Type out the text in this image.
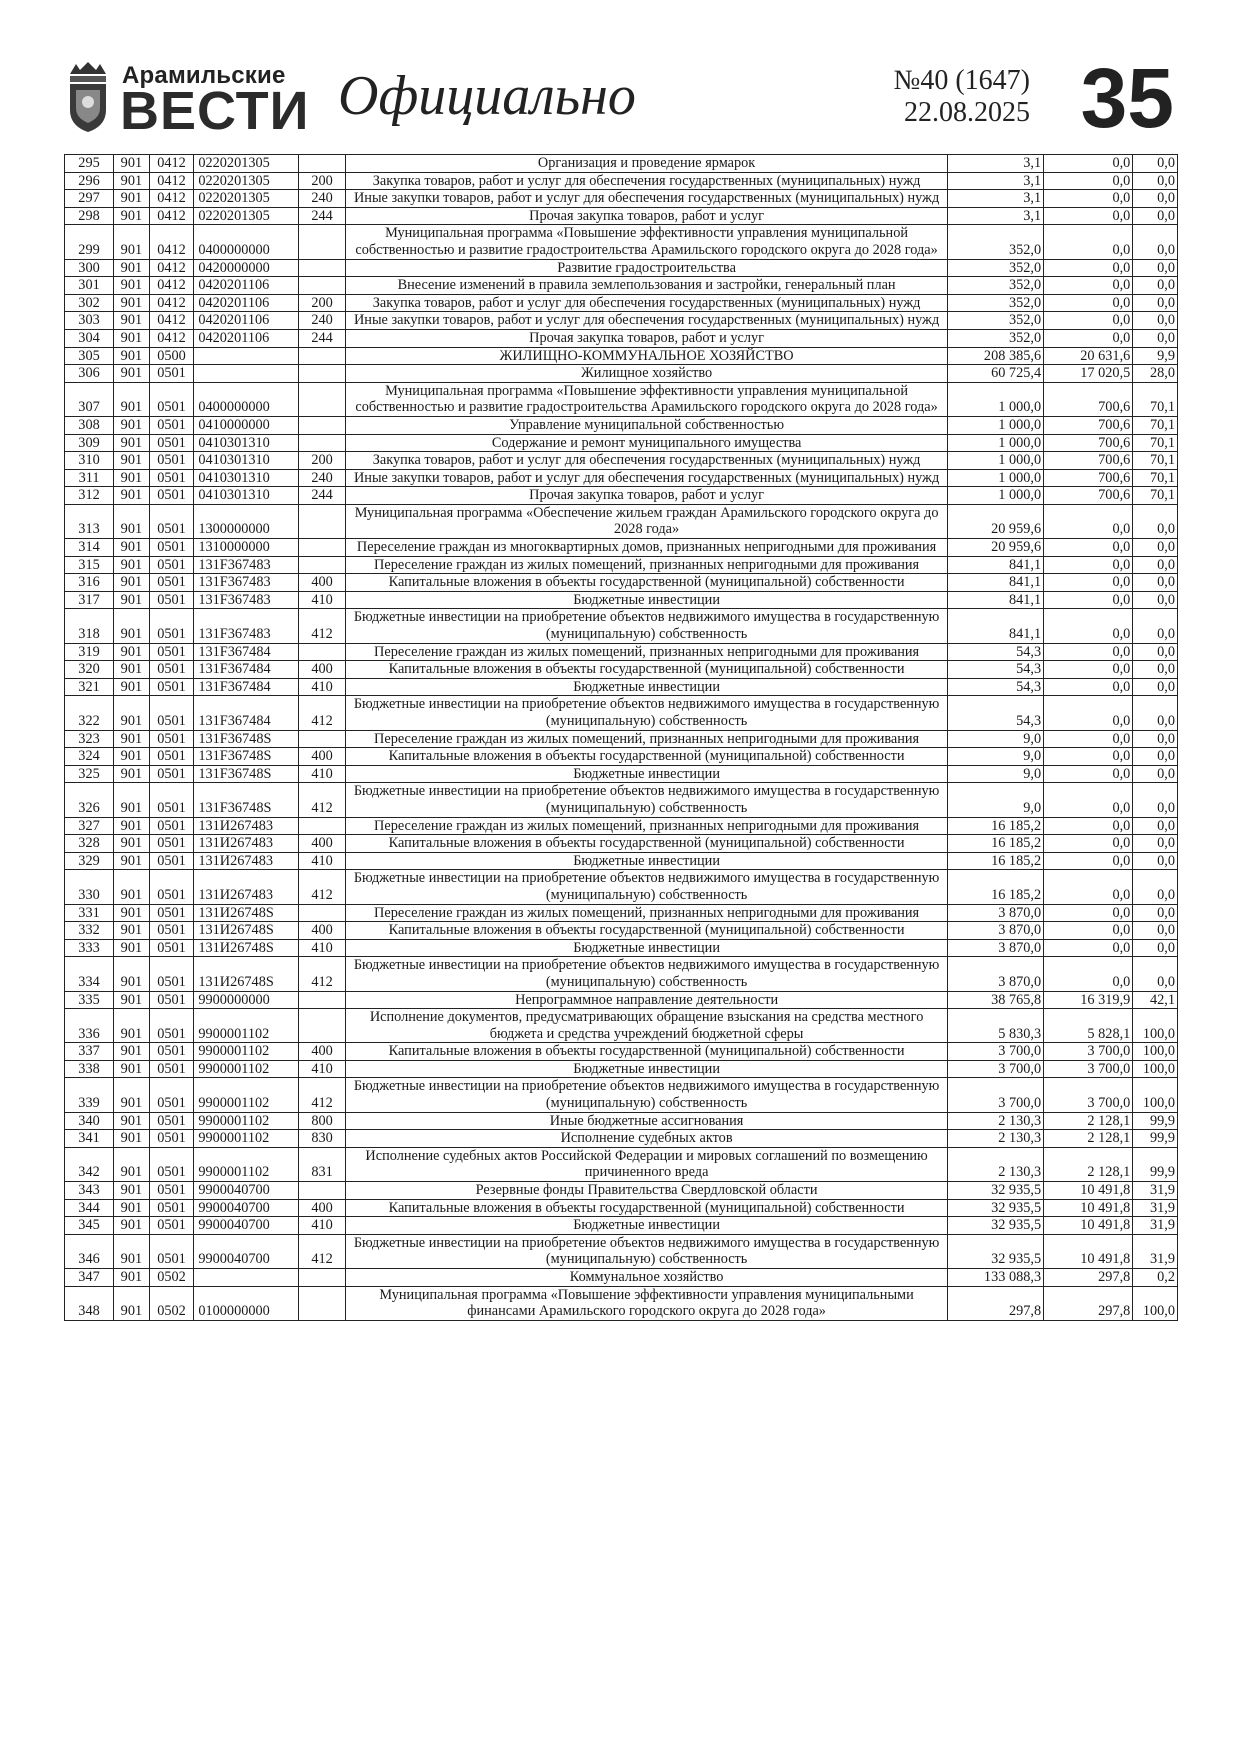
Арамильские
ВЕСТИ Официально	№40 (1647)
22.08.2025 35
295	901	0412	0220201305		Организация и проведение ярмарок	3,1	0,0	0,0
296	901	0412	0220201305	200	Закупка товаров, работ и услуг для обеспечения государственных (муниципальных) нужд	3,1	0,0	0,0
297	901	0412	0220201305	240	Иные закупки товаров, работ и услуг для обеспечения государственных (муниципальных) нужд	3,1	0,0	0,0
298	901	0412	0220201305	244	Прочая закупка товаров, работ и услуг	3,1	0,0	0,0
299	901	0412	0400000000		Муниципальная программа «Повышение эффективности управления муниципальной собственностью и развитие градостроительства Арамильского городского округа до 2028 года»	352,0	0,0	0,0
300	901	0412	0420000000		Развитие градостроительства	352,0	0,0	0,0
301	901	0412	0420201106		Внесение изменений в правила землепользования и застройки, генеральный план	352,0	0,0	0,0
302	901	0412	0420201106	200	Закупка товаров, работ и услуг для обеспечения государственных (муниципальных) нужд	352,0	0,0	0,0
303	901	0412	0420201106	240	Иные закупки товаров, работ и услуг для обеспечения государственных (муниципальных) нужд	352,0	0,0	0,0
304	901	0412	0420201106	244	Прочая закупка товаров, работ и услуг	352,0	0,0	0,0
305	901	0500			ЖИЛИЩНО-КОММУНАЛЬНОЕ ХОЗЯЙСТВО	208 385,6	20 631,6	9,9
306	901	0501			Жилищное хозяйство	60 725,4	17 020,5	28,0
307	901	0501	0400000000		Муниципальная программа «Повышение эффективности управления муниципальной собственностью и развитие градостроительства Арамильского городского округа до 2028 года»	1 000,0	700,6	70,1
308	901	0501	0410000000		Управление муниципальной собственностью	1 000,0	700,6	70,1
309	901	0501	0410301310		Содержание и ремонт муниципального имущества	1 000,0	700,6	70,1
310	901	0501	0410301310	200	Закупка товаров, работ и услуг для обеспечения государственных (муниципальных) нужд	1 000,0	700,6	70,1
311	901	0501	0410301310	240	Иные закупки товаров, работ и услуг для обеспечения государственных (муниципальных) нужд	1 000,0	700,6	70,1
312	901	0501	0410301310	244	Прочая закупка товаров, работ и услуг	1 000,0	700,6	70,1
313	901	0501	1300000000		Муниципальная программа «Обеспечение жильем граждан Арамильского городского округа до 2028 года»	20 959,6	0,0	0,0
314	901	0501	1310000000		Переселение граждан из многоквартирных домов, признанных непригодными для проживания	20 959,6	0,0	0,0
315	901	0501	131F367483		Переселение граждан из жилых помещений, признанных непригодными для проживания	841,1	0,0	0,0
316	901	0501	131F367483	400	Капитальные вложения в объекты государственной (муниципальной) собственности	841,1	0,0	0,0
317	901	0501	131F367483	410	Бюджетные инвестиции	841,1	0,0	0,0
318	901	0501	131F367483	412	Бюджетные инвестиции на приобретение объектов недвижимого имущества в государственную (муниципальную) собственность	841,1	0,0	0,0
319	901	0501	131F367484		Переселение граждан из жилых помещений, признанных непригодными для проживания	54,3	0,0	0,0
320	901	0501	131F367484	400	Капитальные вложения в объекты государственной (муниципальной) собственности	54,3	0,0	0,0
321	901	0501	131F367484	410	Бюджетные инвестиции	54,3	0,0	0,0
322	901	0501	131F367484	412	Бюджетные инвестиции на приобретение объектов недвижимого имущества в государственную (муниципальную) собственность	54,3	0,0	0,0
323	901	0501	131F36748S		Переселение граждан из жилых помещений, признанных непригодными для проживания	9,0	0,0	0,0
324	901	0501	131F36748S	400	Капитальные вложения в объекты государственной (муниципальной) собственности	9,0	0,0	0,0
325	901	0501	131F36748S	410	Бюджетные инвестиции	9,0	0,0	0,0
326	901	0501	131F36748S	412	Бюджетные инвестиции на приобретение объектов недвижимого имущества в государственную (муниципальную) собственность	9,0	0,0	0,0
327	901	0501	131И267483		Переселение граждан из жилых помещений, признанных непригодными для проживания	16 185,2	0,0	0,0
328	901	0501	131И267483	400	Капитальные вложения в объекты государственной (муниципальной) собственности	16 185,2	0,0	0,0
329	901	0501	131И267483	410	Бюджетные инвестиции	16 185,2	0,0	0,0
330	901	0501	131И267483	412	Бюджетные инвестиции на приобретение объектов недвижимого имущества в государственную (муниципальную) собственность	16 185,2	0,0	0,0
331	901	0501	131И26748S		Переселение граждан из жилых помещений, признанных непригодными для проживания	3 870,0	0,0	0,0
332	901	0501	131И26748S	400	Капитальные вложения в объекты государственной (муниципальной) собственности	3 870,0	0,0	0,0
333	901	0501	131И26748S	410	Бюджетные инвестиции	3 870,0	0,0	0,0
334	901	0501	131И26748S	412	Бюджетные инвестиции на приобретение объектов недвижимого имущества в государственную (муниципальную) собственность	3 870,0	0,0	0,0
335	901	0501	9900000000		Непрограммное направление деятельности	38 765,8	16 319,9	42,1
336	901	0501	9900001102		Исполнение документов, предусматривающих обращение взыскания на средства местного бюджета и средства учреждений бюджетной сферы	5 830,3	5 828,1	100,0
337	901	0501	9900001102	400	Капитальные вложения в объекты государственной (муниципальной) собственности	3 700,0	3 700,0	100,0
338	901	0501	9900001102	410	Бюджетные инвестиции	3 700,0	3 700,0	100,0
339	901	0501	9900001102	412	Бюджетные инвестиции на приобретение объектов недвижимого имущества в государственную (муниципальную) собственность	3 700,0	3 700,0	100,0
340	901	0501	9900001102	800	Иные бюджетные ассигнования	2 130,3	2 128,1	99,9
341	901	0501	9900001102	830	Исполнение судебных актов	2 130,3	2 128,1	99,9
342	901	0501	9900001102	831	Исполнение судебных актов Российской Федерации и мировых соглашений по возмещению причиненного вреда	2 130,3	2 128,1	99,9
343	901	0501	9900040700		Резервные фонды Правительства Свердловской области	32 935,5	10 491,8	31,9
344	901	0501	9900040700	400	Капитальные вложения в объекты государственной (муниципальной) собственности	32 935,5	10 491,8	31,9
345	901	0501	9900040700	410	Бюджетные инвестиции	32 935,5	10 491,8	31,9
346	901	0501	9900040700	412	Бюджетные инвестиции на приобретение объектов недвижимого имущества в государственную (муниципальную) собственность	32 935,5	10 491,8	31,9
347	901	0502			Коммунальное хозяйство	133 088,3	297,8	0,2
348	901	0502	0100000000		Муниципальная программа «Повышение эффективности управления муниципальными финансами Арамильского городского округа до 2028 года»	297,8	297,8	100,0
